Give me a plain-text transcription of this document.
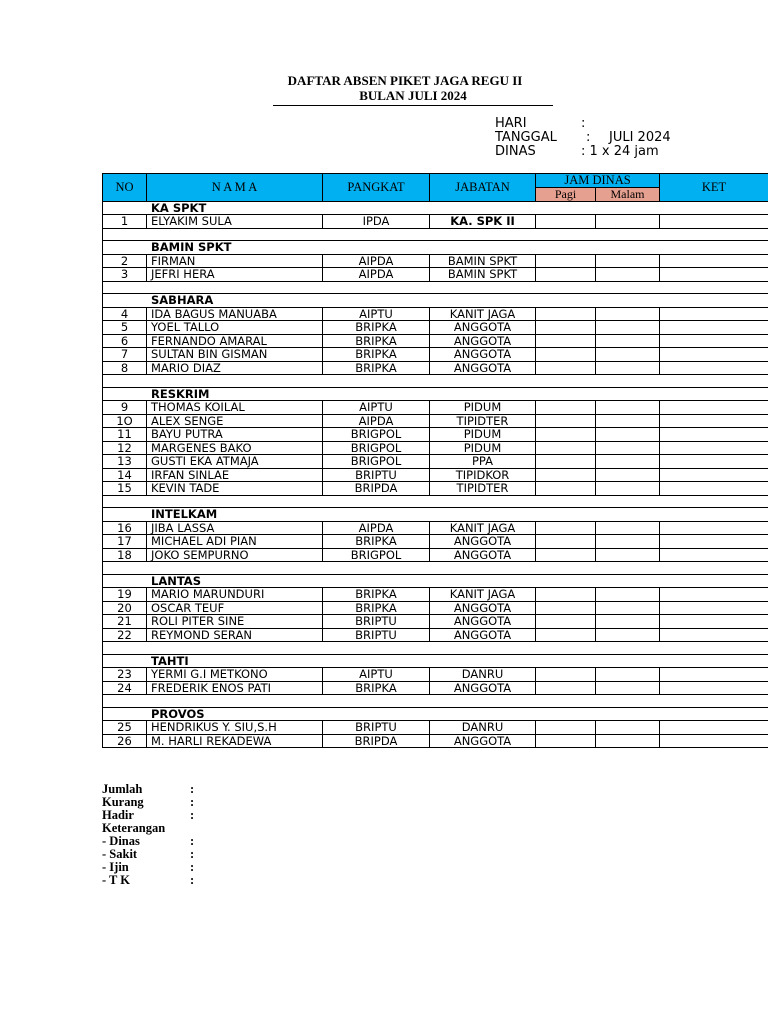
DAFTAR ABSEN PIKET JAGA REGU II
BULAN JULI 2024
HARI	:
TANGGAL : JULI 2024
DINAS	: 1 x 24 jam
NO	N A M A	PANGKAT	JABATAN	JAM DINAS		KET
				Pagi	Malam	
KA SPKT						
1	ELYAKIM SULA	IPDA	KA. SPK II			

BAMIN SPKT						
2	FIRMAN	AIPDA	BAMIN SPKT			
3	JEFRI HERA	AIPDA	BAMIN SPKT			

SABHARA						
4	IDA BAGUS MANUABA	AIPTU	KANIT JAGA			
5	YOEL TALLO	BRIPKA	ANGGOTA			
6	FERNANDO AMARAL	BRIPKA	ANGGOTA			
7	SULTAN BIN GISMAN	BRIPKA	ANGGOTA			
8	MARIO DIAZ	BRIPKA	ANGGOTA			

RESKRIM						
9	THOMAS KOILAL	AIPTU	PIDUM			
1O	ALEX SENGE	AIPDA	TIPIDTER			
11	BAYU PUTRA	BRIGPOL	PIDUM			
12	MARGENES BAKO	BRIGPOL	PIDUM			
13	GUSTI EKA ATMAJA	BRIGPOL	PPA			
14	IRFAN SINLAE	BRIPTU	TIPIDKOR			
15	KEVIN TADE	BRIPDA	TIPIDTER			

INTELKAM						
16	JIBA LASSA	AIPDA	KANIT JAGA			
17	MICHAEL ADI PIAN	BRIPKA	ANGGOTA			
18	JOKO SEMPURNO	BRIGPOL	ANGGOTA			

LANTAS						
19	MARIO MARUNDURI	BRIPKA	KANIT JAGA			
20	OSCAR TEUF	BRIPKA	ANGGOTA			
21	ROLI PITER SINE	BRIPTU	ANGGOTA			
22	REYMOND SERAN	BRIPTU	ANGGOTA			

TAHTI						
23	YERMI G.I METKONO	AIPTU	DANRU			
24	FREDERIK ENOS PATI	BRIPKA	ANGGOTA			

PROVOS						
25	HENDRIKUS Y. SIU,S.H	BRIPTU	DANRU			
26	M. HARLI REKADEWA	BRIPDA	ANGGOTA			
Jumlah	:
Kurang	:
Hadir	:
Keterangan
- Dinas	:
- Sakit	:
- Ijin	:
- T K	:
